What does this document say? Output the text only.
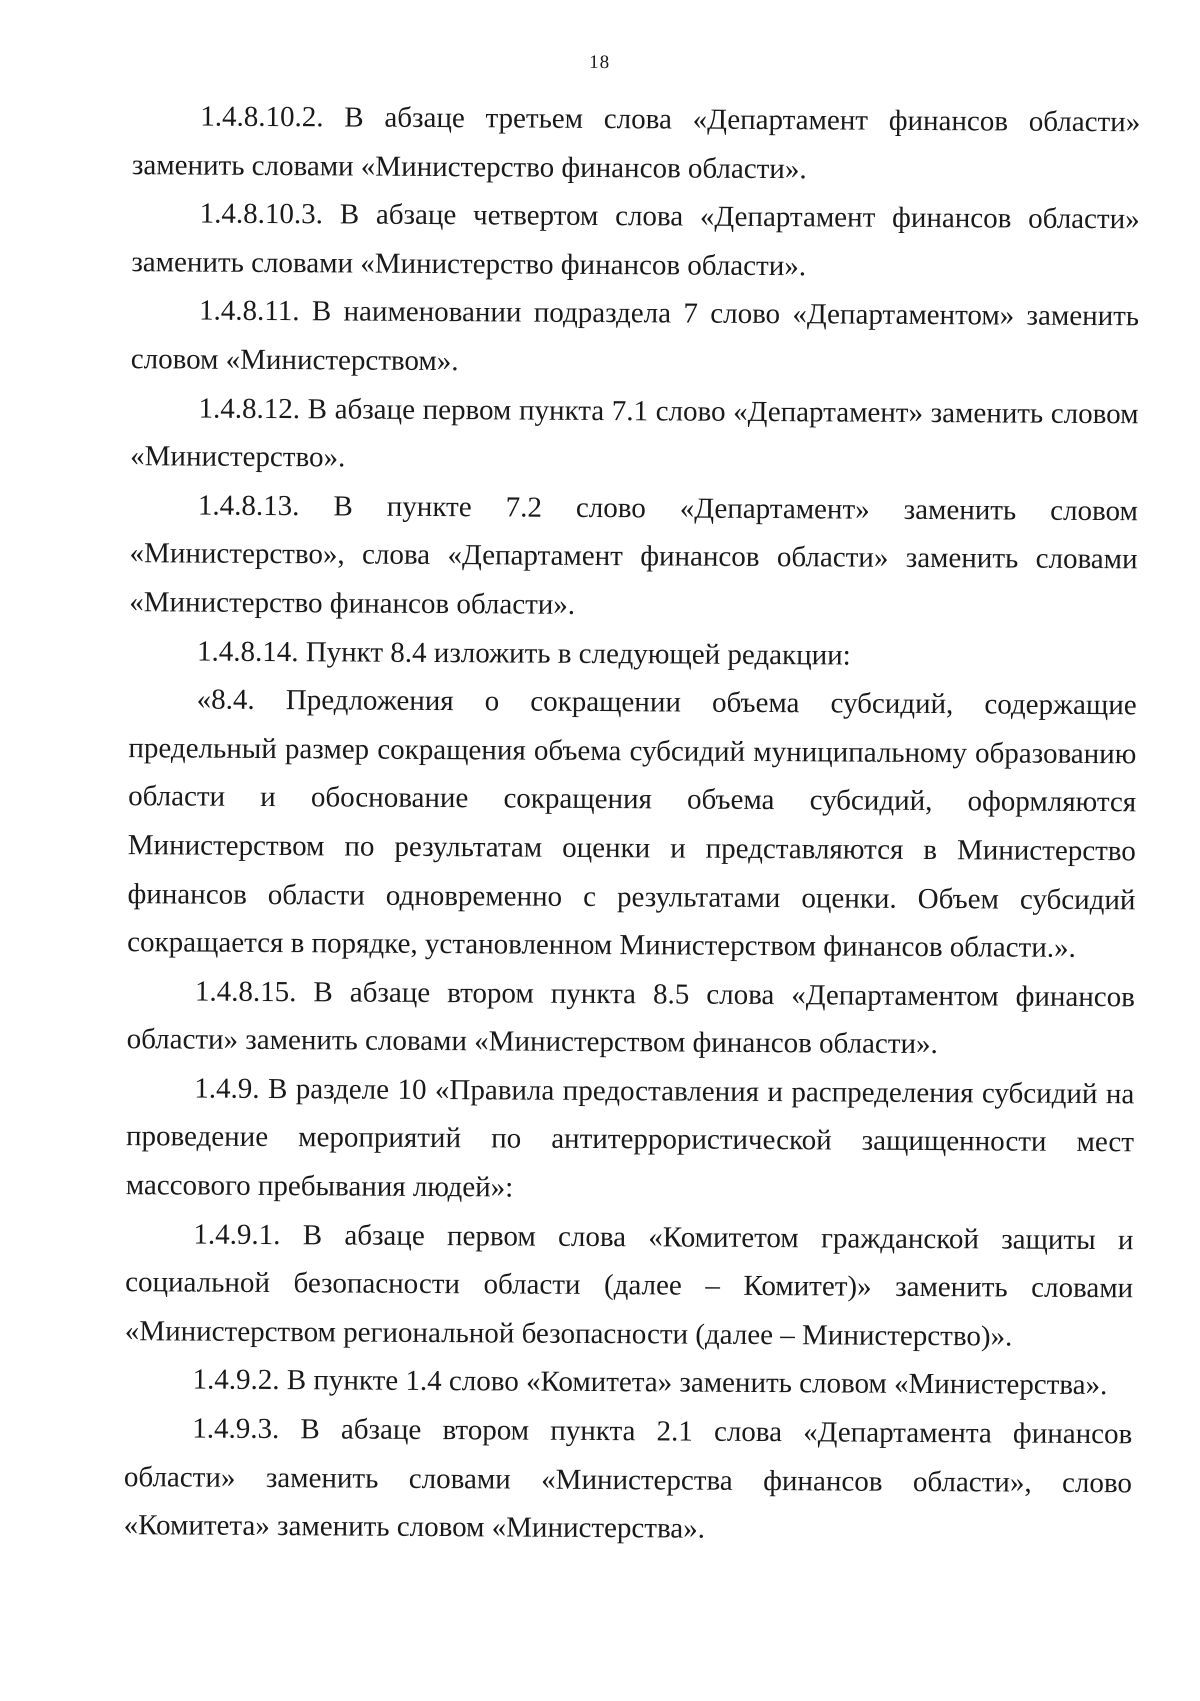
18

1.4.8.10.2. В абзаце третьем слова «Департамент финансов области» заменить словами «Министерство финансов области».

1.4.8.10.3. В абзаце четвертом слова «Департамент финансов области» заменить словами «Министерство финансов области».

1.4.8.11. В наименовании подраздела 7 слово «Департаментом» заменить словом «Министерством».

1.4.8.12. В абзаце первом пункта 7.1 слово «Департамент» заменить словом «Министерство».

1.4.8.13. В пункте 7.2 слово «Департамент» заменить словом «Министерство», слова «Департамент финансов области» заменить словами «Министерство финансов области».

1.4.8.14. Пункт 8.4 изложить в следующей редакции:

«8.4. Предложения о сокращении объема субсидий, содержащие предельный размер сокращения объема субсидий муниципальному образованию области и обоснование сокращения объема субсидий, оформляются Министерством по результатам оценки и представляются в Министерство финансов области одновременно с результатами оценки. Объем субсидий сокращается в порядке, установленном Министерством финансов области.».

1.4.8.15. В абзаце втором пункта 8.5 слова «Департаментом финансов области» заменить словами «Министерством финансов области».

1.4.9. В разделе 10 «Правила предоставления и распределения субсидий на проведение мероприятий по антитеррористической защищенности мест массового пребывания людей»:

1.4.9.1. В абзаце первом слова «Комитетом гражданской защиты и социальной безопасности области (далее – Комитет)» заменить словами «Министерством региональной безопасности (далее – Министерство)».

1.4.9.2. В пункте 1.4 слово «Комитета» заменить словом «Министерства».

1.4.9.3. В абзаце втором пункта 2.1 слова «Департамента финансов области» заменить словами «Министерства финансов области», слово «Комитета» заменить словом «Министерства».
